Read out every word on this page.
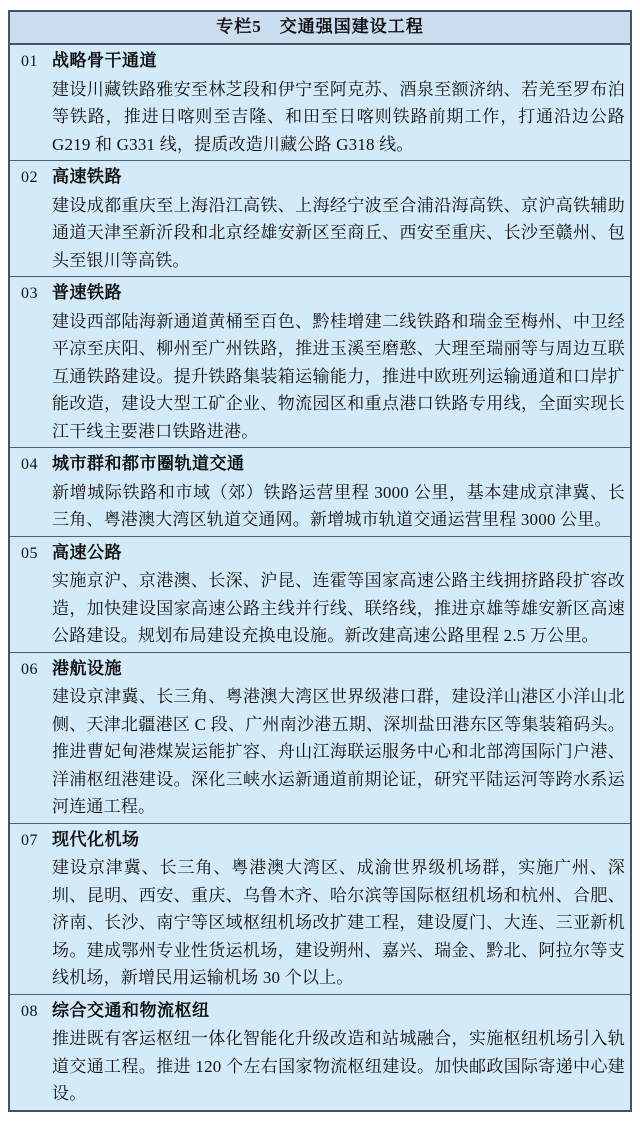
专栏5　交通强国建设工程
01 战略骨干通道
建设川藏铁路雅安至林芝段和伊宁至阿克苏、酒泉至额济纳、若羌至罗布泊等铁路，推进日喀则至吉隆、和田至日喀则铁路前期工作，打通沿边公路 G219 和 G331 线，提质改造川藏公路 G318 线。
02 高速铁路
建设成都重庆至上海沿江高铁、上海经宁波至合浦沿海高铁、京沪高铁辅助通道天津至新沂段和北京经雄安新区至商丘、西安至重庆、长沙至赣州、包头至银川等高铁。
03 普速铁路
建设西部陆海新通道黄桶至百色、黔桂增建二线铁路和瑞金至梅州、中卫经平凉至庆阳、柳州至广州铁路，推进玉溪至磨憨、大理至瑞丽等与周边互联互通铁路建设。提升铁路集装箱运输能力，推进中欧班列运输通道和口岸扩能改造，建设大型工矿企业、物流园区和重点港口铁路专用线，全面实现长江干线主要港口铁路进港。
04 城市群和都市圈轨道交通
新增城际铁路和市域（郊）铁路运营里程 3000 公里，基本建成京津冀、长三角、粤港澳大湾区轨道交通网。新增城市轨道交通运营里程 3000 公里。
05 高速公路
实施京沪、京港澳、长深、沪昆、连霍等国家高速公路主线拥挤路段扩容改造，加快建设国家高速公路主线并行线、联络线，推进京雄等雄安新区高速公路建设。规划布局建设充换电设施。新改建高速公路里程 2.5 万公里。
06 港航设施
建设京津冀、长三角、粤港澳大湾区世界级港口群，建设洋山港区小洋山北侧、天津北疆港区 C 段、广州南沙港五期、深圳盐田港东区等集装箱码头。推进曹妃甸港煤炭运能扩容、舟山江海联运服务中心和北部湾国际门户港、洋浦枢纽港建设。深化三峡水运新通道前期论证，研究平陆运河等跨水系运河连通工程。
07 现代化机场
建设京津冀、长三角、粤港澳大湾区、成渝世界级机场群，实施广州、深圳、昆明、西安、重庆、乌鲁木齐、哈尔滨等国际枢纽机场和杭州、合肥、济南、长沙、南宁等区域枢纽机场改扩建工程，建设厦门、大连、三亚新机场。建成鄂州专业性货运机场，建设朔州、嘉兴、瑞金、黔北、阿拉尔等支线机场，新增民用运输机场 30 个以上。
08 综合交通和物流枢纽
推进既有客运枢纽一体化智能化升级改造和站城融合，实施枢纽机场引入轨道交通工程。推进 120 个左右国家物流枢纽建设。加快邮政国际寄递中心建设。
